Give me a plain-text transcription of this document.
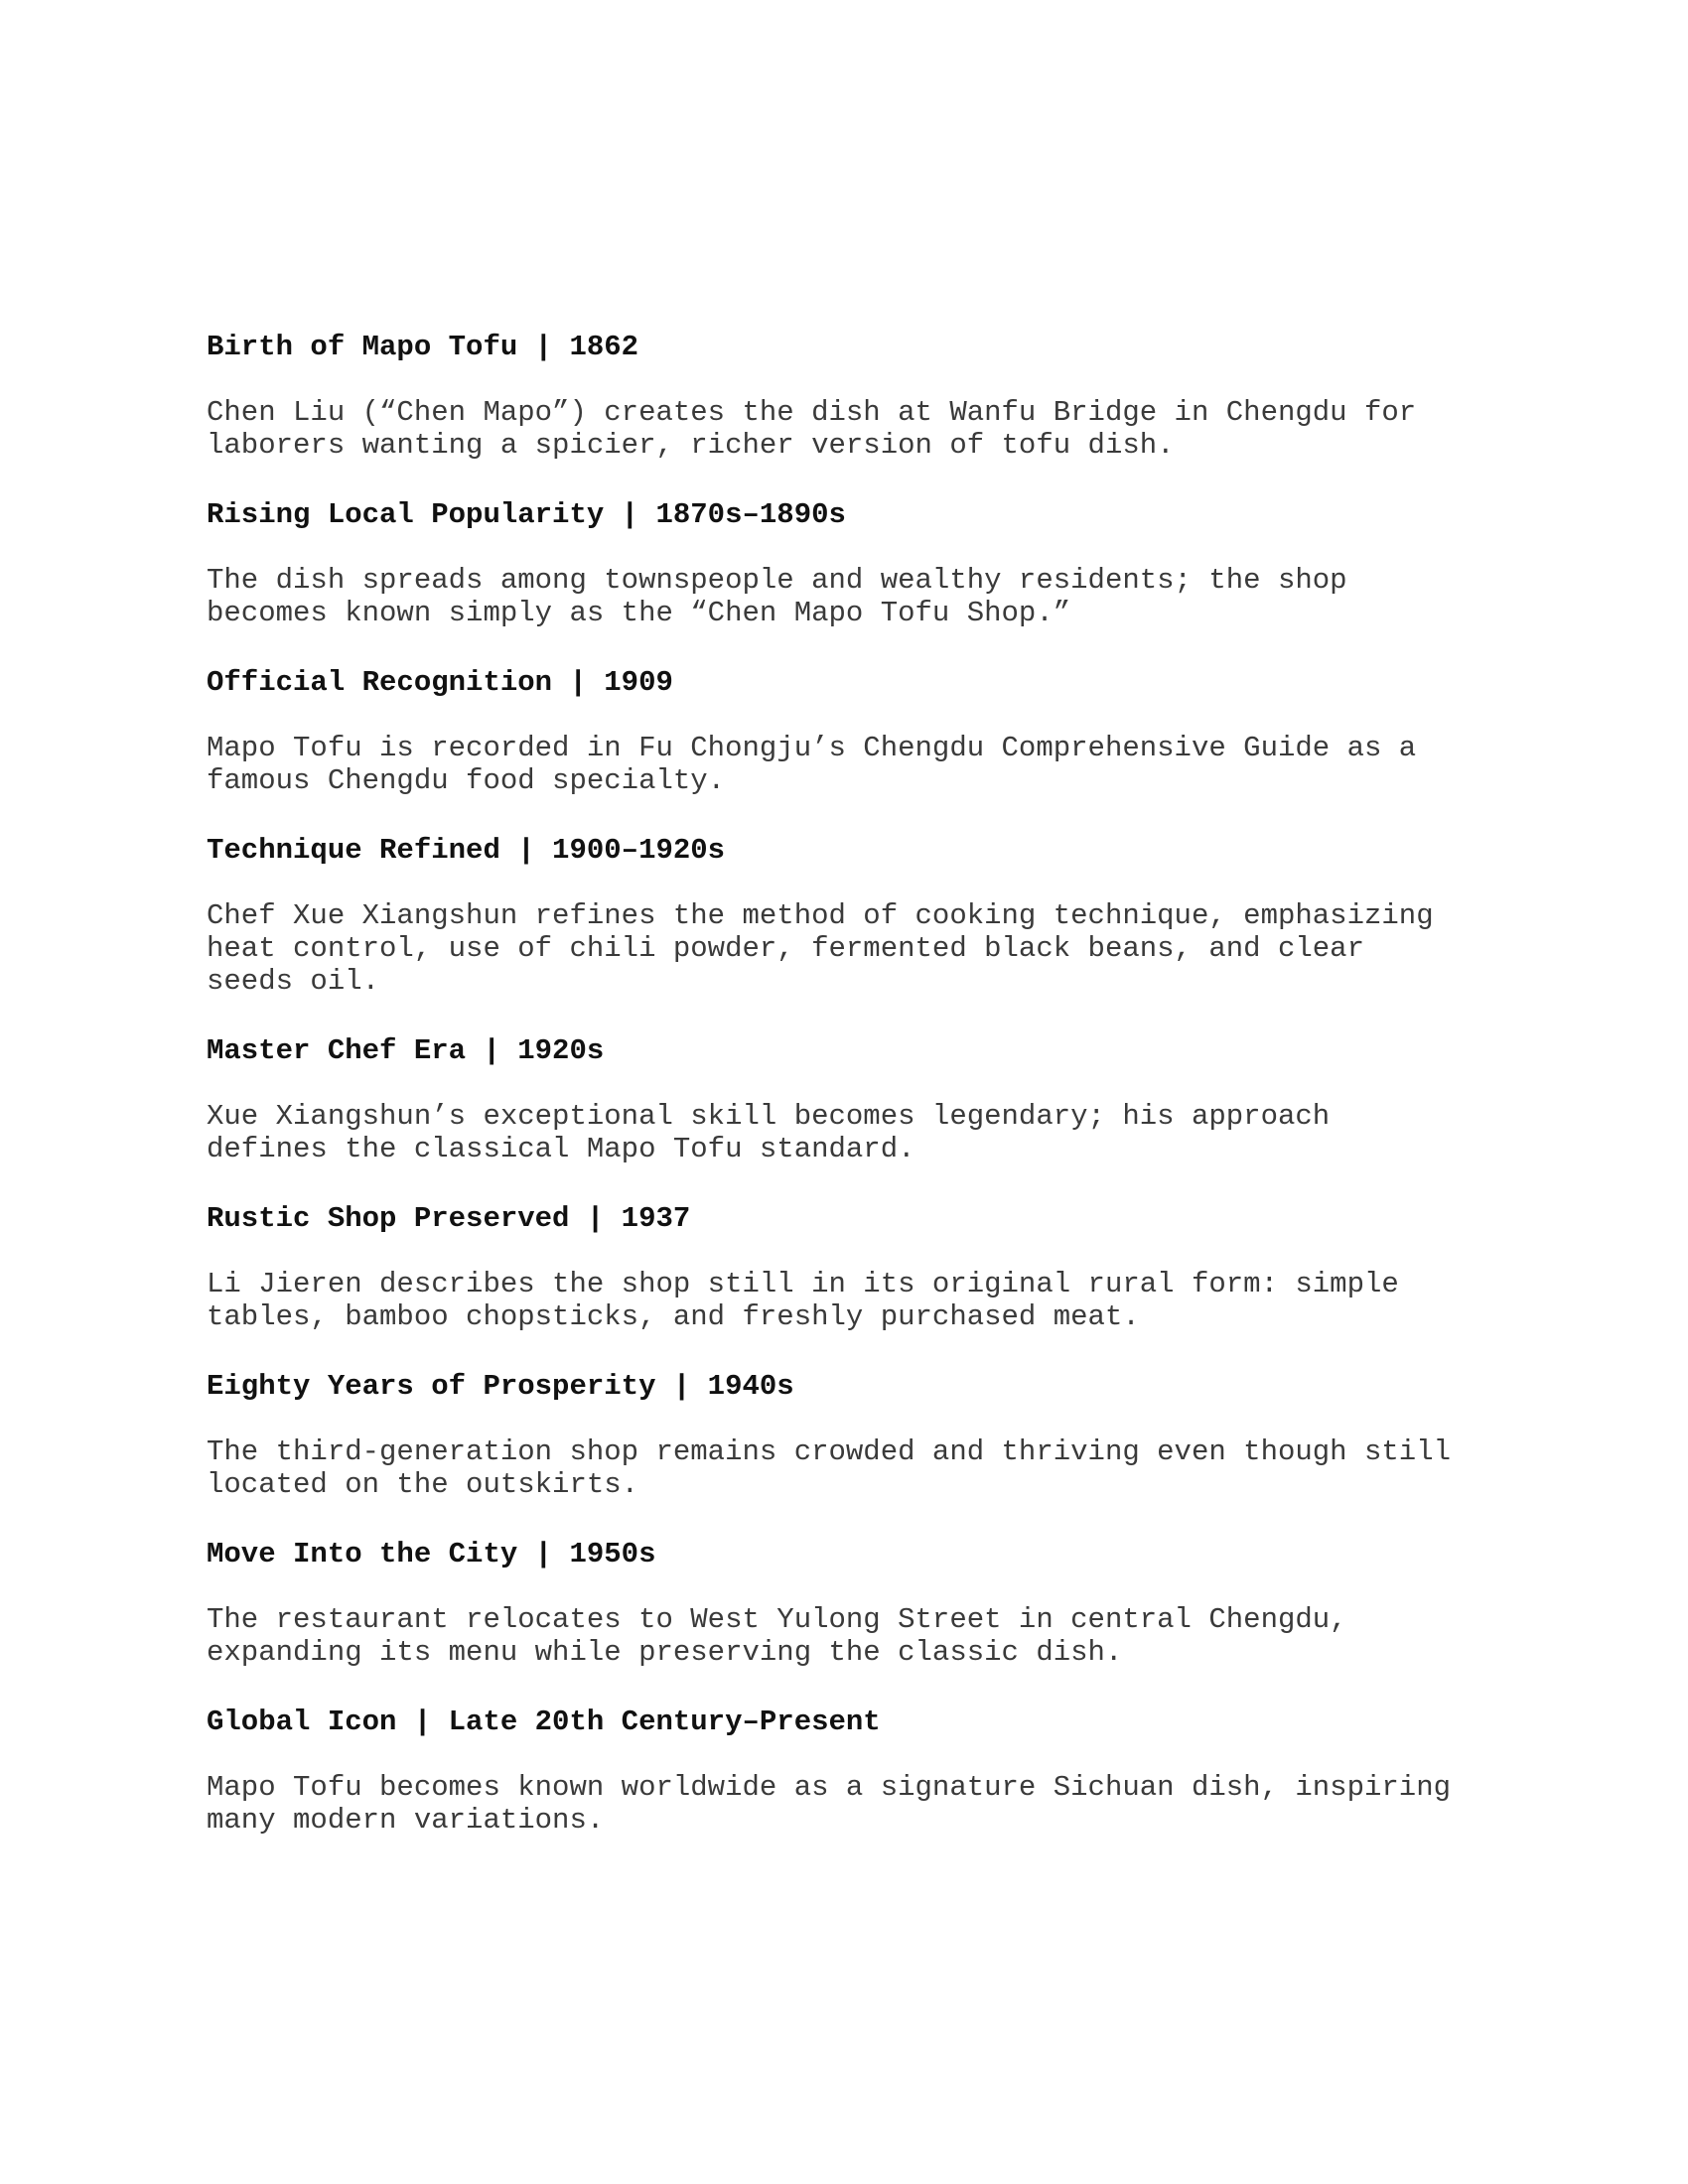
Birth of Mapo Tofu | 1862
Chen Liu (“Chen Mapo”) creates the dish at Wanfu Bridge in Chengdu for
laborers wanting a spicier, richer version of tofu dish.
Rising Local Popularity | 1870s–1890s
The dish spreads among townspeople and wealthy residents; the shop
becomes known simply as the “Chen Mapo Tofu Shop.”
Official Recognition | 1909
Mapo Tofu is recorded in Fu Chongju’s Chengdu Comprehensive Guide as a
famous Chengdu food specialty.
Technique Refined | 1900–1920s
Chef Xue Xiangshun refines the method of cooking technique, emphasizing
heat control, use of chili powder, fermented black beans, and clear
seeds oil.
Master Chef Era | 1920s
Xue Xiangshun’s exceptional skill becomes legendary; his approach
defines the classical Mapo Tofu standard.
Rustic Shop Preserved | 1937
Li Jieren describes the shop still in its original rural form: simple
tables, bamboo chopsticks, and freshly purchased meat.
Eighty Years of Prosperity | 1940s
The third-generation shop remains crowded and thriving even though still
located on the outskirts.
Move Into the City | 1950s
The restaurant relocates to West Yulong Street in central Chengdu,
expanding its menu while preserving the classic dish.
Global Icon | Late 20th Century–Present
Mapo Tofu becomes known worldwide as a signature Sichuan dish, inspiring
many modern variations.
